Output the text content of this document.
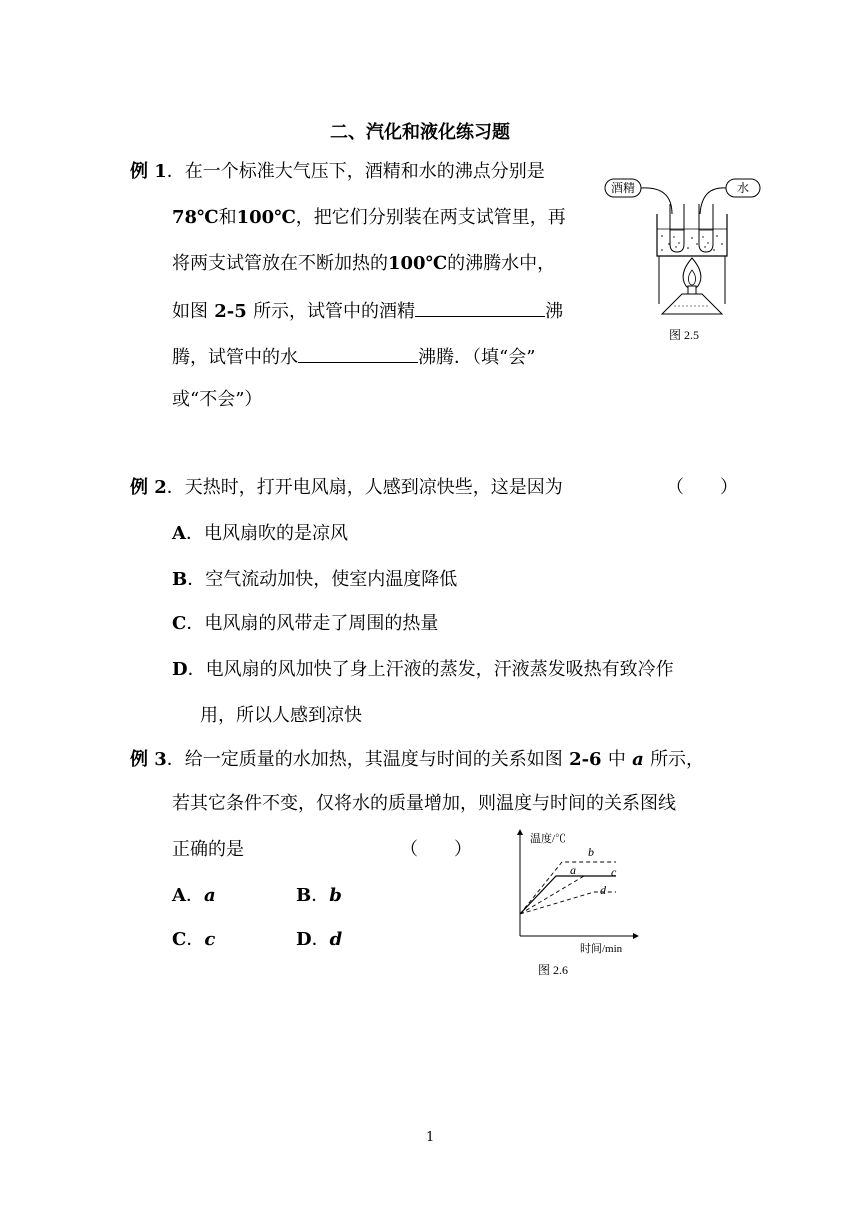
二、汽化和液化练习题
例 1．在一个标准大气压下，酒精和水的沸点分别是
78℃和100℃，把它们分别装在两支试管里，再
将两支试管放在不断加热的100℃的沸腾水中，
如图 2-5 所示，试管中的酒精	沸
腾，试管中的水	沸腾．（填“会”
或“不会”）
酒精	水
图 2.5
例 2．天热时，打开电风扇，人感到凉快些，这是因为	（　　）
A．电风扇吹的是凉风
B．空气流动加快，使室内温度降低
C．电风扇的风带走了周围的热量
D．电风扇的风加快了身上汗液的蒸发，汗液蒸发吸热有致冷作
用，所以人感到凉快
例 3．给一定质量的水加热，其温度与时间的关系如图 2-6 中 a 所示，
若其它条件不变，仅将水的质量增加，则温度与时间的关系图线
正确的是	（　　）
A．a	B．b
C．c	D．d
温度/℃
时间/min
b
a	c
d
图 2.6
1
